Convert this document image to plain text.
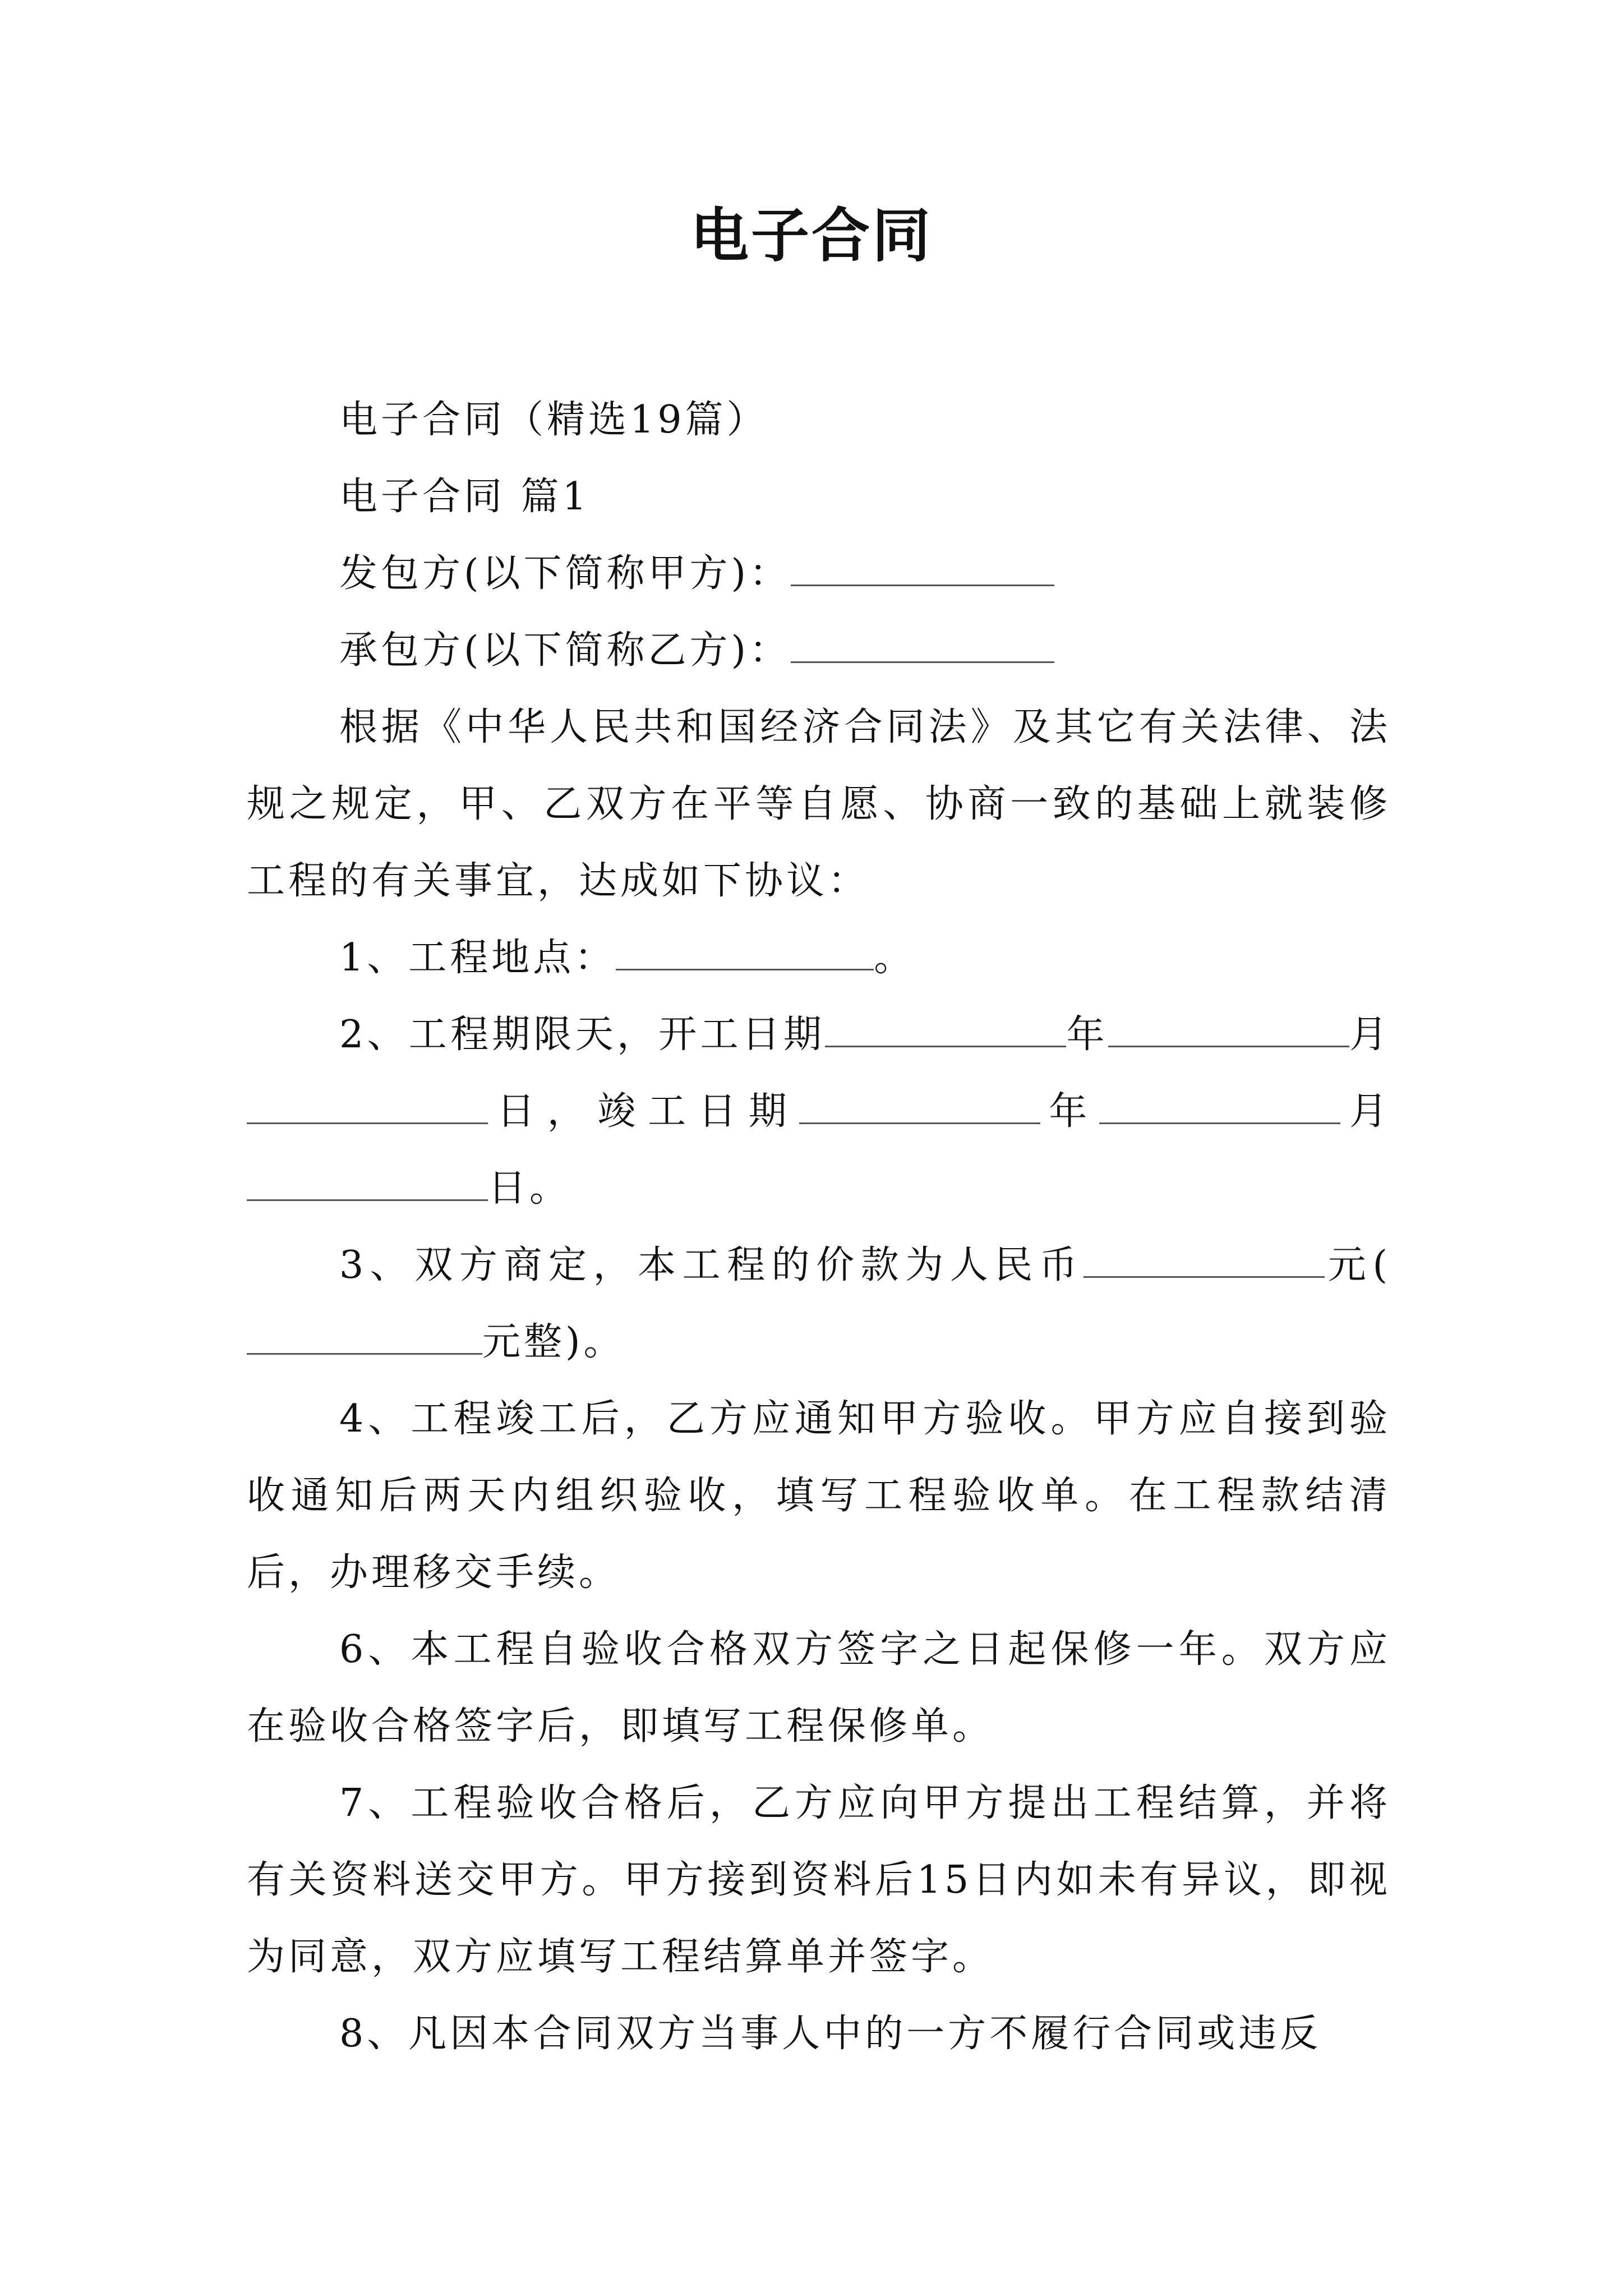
电子合同

电子合同（精选19篇）

电子合同 篇1

发包方(以下简称甲方)：

承包方(以下简称乙方)：

根据《中华人民共和国经济合同法》及其它有关法律、法规之规定，甲、乙双方在平等自愿、协商一致的基础上就装修工程的有关事宜，达成如下协议：

1、工程地点：	。

2、工程期限天，开工日期	年	月日，竣工日期	年	月日。

3、双方商定，本工程的价款为人民币	元(元整)。

4、工程竣工后，乙方应通知甲方验收。甲方应自接到验收通知后两天内组织验收，填写工程验收单。在工程款结清后，办理移交手续。

6、本工程自验收合格双方签字之日起保修一年。双方应在验收合格签字后，即填写工程保修单。

7、工程验收合格后，乙方应向甲方提出工程结算，并将有关资料送交甲方。甲方接到资料后15日内如未有异议，即视为同意，双方应填写工程结算单并签字。

8、凡因本合同双方当事人中的一方不履行合同或违反
